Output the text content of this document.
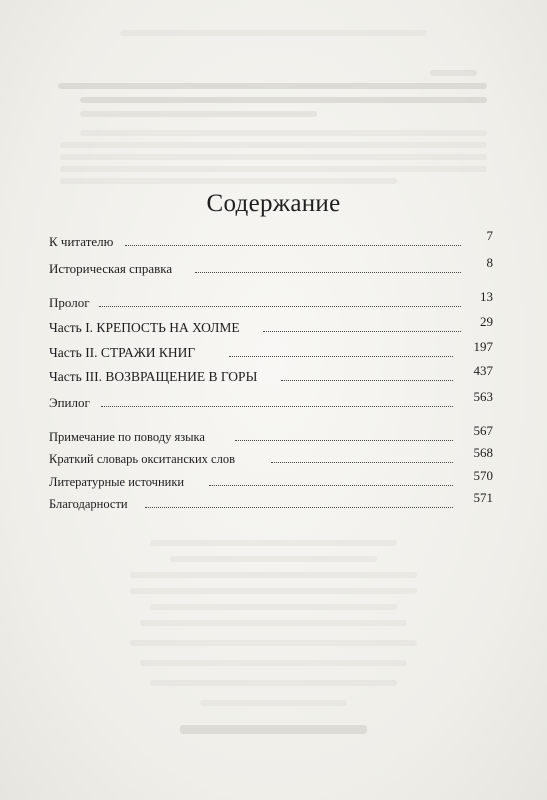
Содержание
К читателю	7
Историческая справка	8
Пролог	13
Часть I. КРЕПОСТЬ НА ХОЛМЕ	29
Часть II. СТРАЖИ КНИГ	197
Часть III. ВОЗВРАЩЕНИЕ В ГОРЫ	437
Эпилог	563
Примечание по поводу языка	567
Краткий словарь окситанских слов	568
Литературные источники	570
Благодарности	571
